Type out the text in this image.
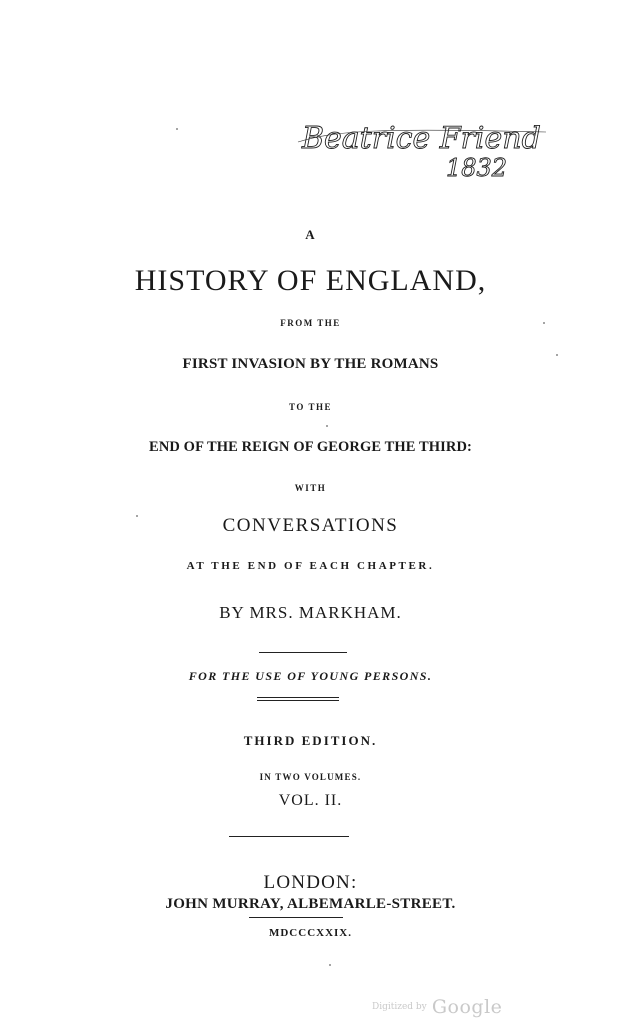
Beatrice Friend
1832
A
HISTORY OF ENGLAND,
FROM THE
FIRST INVASION BY THE ROMANS
TO THE
END OF THE REIGN OF GEORGE THE THIRD:
WITH
CONVERSATIONS
AT THE END OF EACH CHAPTER.
BY MRS. MARKHAM.
FOR THE USE OF YOUNG PERSONS.
THIRD EDITION.
IN TWO VOLUMES.
VOL. II.
LONDON:
JOHN MURRAY, ALBEMARLE-STREET.
MDCCCXXIX.
Digitized by Google
